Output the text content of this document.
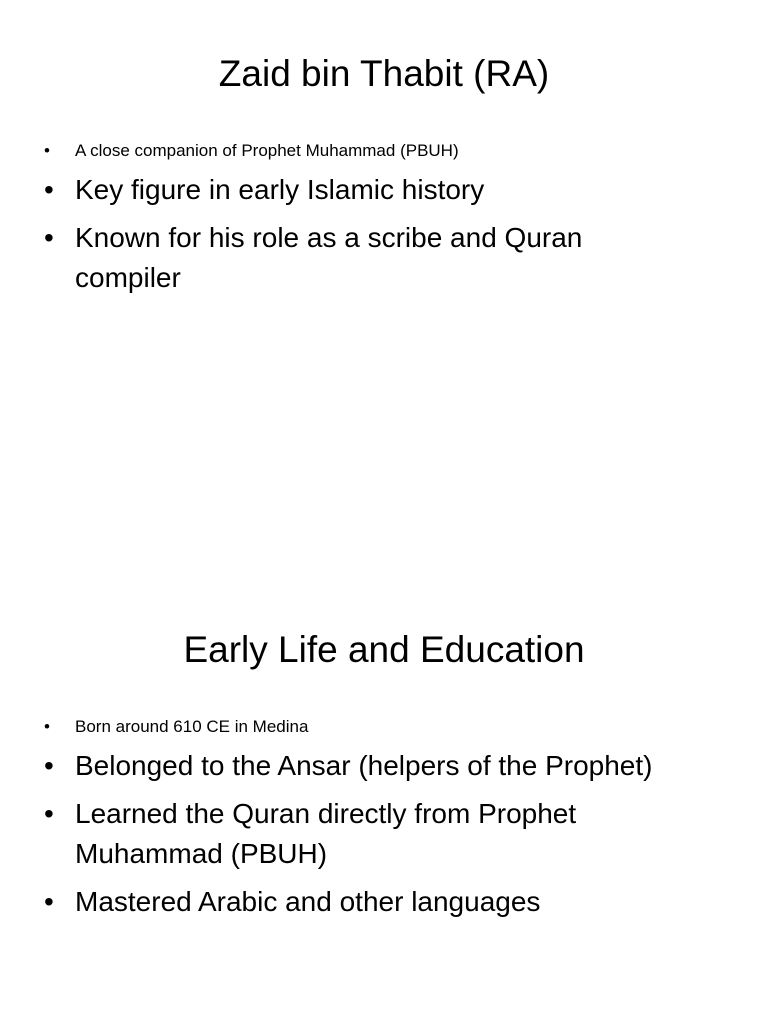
Zaid bin Thabit (RA)
• A close companion of Prophet Muhammad (PBUH)
• Key figure in early Islamic history
• Known for his role as a scribe and Quran compiler
Early Life and Education
• Born around 610 CE in Medina
• Belonged to the Ansar (helpers of the Prophet)
• Learned the Quran directly from Prophet Muhammad (PBUH)
• Mastered Arabic and other languages
